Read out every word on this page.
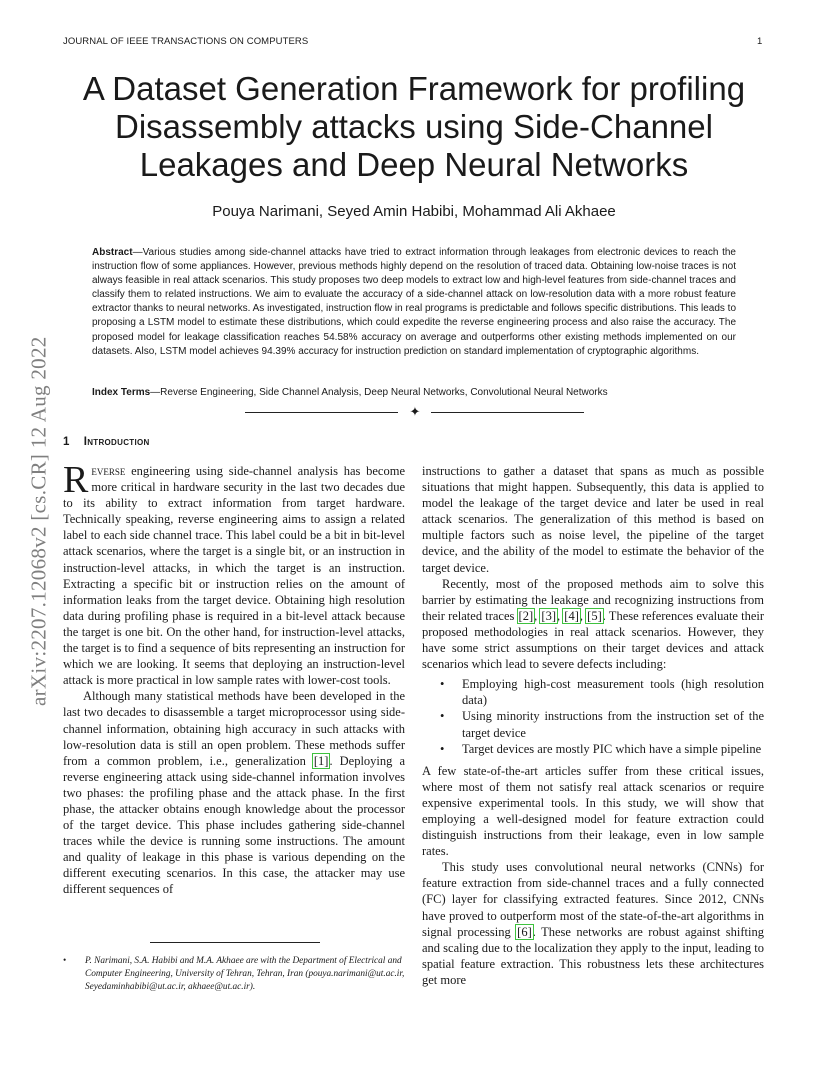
JOURNAL OF IEEE TRANSACTIONS ON COMPUTERS	1
A Dataset Generation Framework for profiling Disassembly attacks using Side-Channel Leakages and Deep Neural Networks
Pouya Narimani, Seyed Amin Habibi, Mohammad Ali Akhaee
Abstract—Various studies among side-channel attacks have tried to extract information through leakages from electronic devices to reach the instruction flow of some appliances. However, previous methods highly depend on the resolution of traced data. Obtaining low-noise traces is not always feasible in real attack scenarios. This study proposes two deep models to extract low and high-level features from side-channel traces and classify them to related instructions. We aim to evaluate the accuracy of a side-channel attack on low-resolution data with a more robust feature extractor thanks to neural networks. As investigated, instruction flow in real programs is predictable and follows specific distributions. This leads to proposing a LSTM model to estimate these distributions, which could expedite the reverse engineering process and also raise the accuracy. The proposed model for leakage classification reaches 54.58% accuracy on average and outperforms other existing methods implemented on our datasets. Also, LSTM model achieves 94.39% accuracy for instruction prediction on standard implementation of cryptographic algorithms.
Index Terms—Reverse Engineering, Side Channel Analysis, Deep Neural Networks, Convolutional Neural Networks
✦
arXiv:2207.12068v2 [cs.CR] 12 Aug 2022	1 Introduction

Reverse engineering using side-channel analysis has become more critical in hardware security in the last two decades due to its ability to extract information from target hardware. Technically speaking, reverse engineering aims to assign a related label to each side channel trace. This label could be a bit in bit-level attack scenarios, where the target is a single bit, or an instruction in instruction-level attacks, in which the target is an instruction. Extracting a specific bit or instruction relies on the amount of information leaks from the target device. Obtaining high resolution data during profiling phase is required in a bit-level attack because the target is one bit. On the other hand, for instruction-level attacks, the target is to find a sequence of bits representing an instruction for which we are looking. It seems that deploying an instruction-level attack is more practical in low sample rates with lower-cost tools.

Although many statistical methods have been developed in the last two decades to disassemble a target microprocessor using side-channel information, obtaining high accuracy in such attacks with low-resolution data is still an open problem. These methods suffer from a common problem, i.e., generalization [1]. Deploying a reverse engineering attack using side-channel information involves two phases: the profiling phase and the attack phase. In the first phase, the attacker obtains enough knowledge about the processor of the target device. This phase includes gathering side-channel traces while the device is running some instructions. The amount and quality of leakage in this phase is various depending on the different executing scenarios. In this case, the attacker may use different sequences of

instructions to gather a dataset that spans as much as possible situations that might happen. Subsequently, this data is applied to model the leakage of the target device and later be used in real attack scenarios. The generalization of this method is based on multiple factors such as noise level, the pipeline of the target device, and the ability of the model to estimate the behavior of the target device.

Recently, most of the proposed methods aim to solve this barrier by estimating the leakage and recognizing instructions from their related traces [2], [3], [4], [5]. These references evaluate their proposed methodologies in real attack scenarios. However, they have some strict assumptions on their target devices and attack scenarios which lead to severe defects including:

• Employing high-cost measurement tools (high resolution data)
• Using minority instructions from the instruction set of the target device
• Target devices are mostly PIC which have a simple pipeline

A few state-of-the-art articles suffer from these critical issues, where most of them not satisfy real attack scenarios or require expensive experimental tools. In this study, we will show that employing a well-designed model for feature extraction could distinguish instructions from their leakage, even in low sample rates.

This study uses convolutional neural networks (CNNs) for feature extraction from side-channel traces and a fully connected (FC) layer for classifying extracted features. Since 2012, CNNs have proved to outperform most of the state-of-the-art algorithms in signal processing [6]. These networks are robust against shifting and scaling due to the localization they apply to the input, leading to spatial feature extraction. This robustness lets these architectures get more

•	P. Narimani, S.A. Habibi and M.A. Akhaee are with the Department of Electrical and Computer Engineering, University of Tehran, Tehran, Iran (pouya.narimani@ut.ac.ir, Seyedaminhabibi@ut.ac.ir, akhaee@ut.ac.ir).
